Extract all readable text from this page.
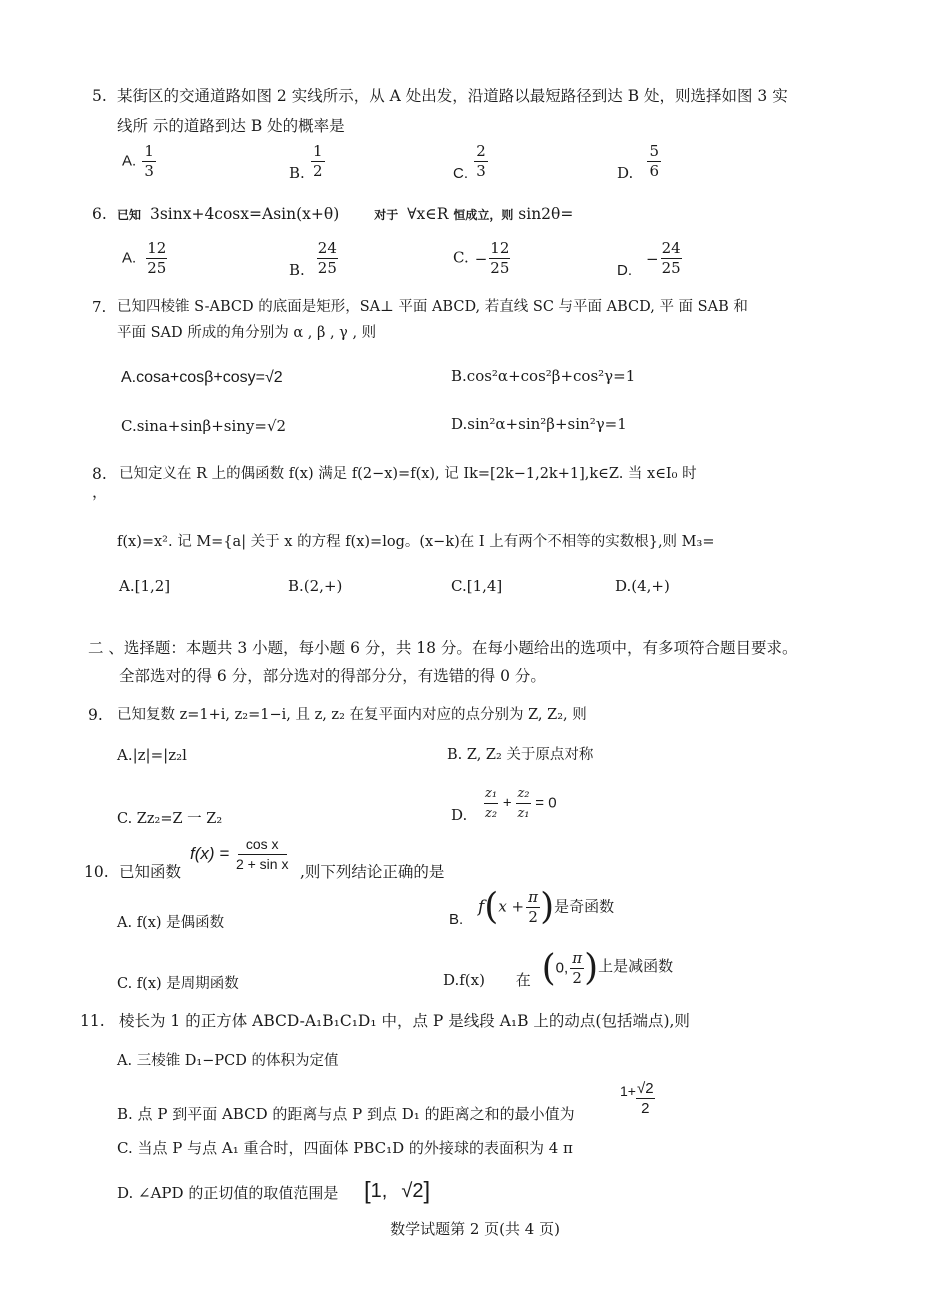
5. 某街区的交通道路如图 2 实线所示，从 A 处出发，沿道路以最短路径到达 B 处，则选择如图 3 实
线所 示的道路到达 B 处的概率是
A. $\frac{1}{3}$	B. $\frac{1}{2}$	C. $\frac{2}{3}$	D. $\frac{5}{6}$
6. 已知 3sinx+4cosx=Asin(x+θ)	对于 ∀x∈R 恒成立，则 sin2θ=
A. $\frac{12}{25}$	B. $\frac{24}{25}$	C. − $\frac{12}{25}$	$D.- \frac{24}{25}$
7. 已知四棱锥 S-ABCD 的底面是矩形，SA⊥ 平面 ABCD, 若直线 SC 与平面 ABCD, 平 面 SAB 和
平面 SAD 所成的角分别为 α , β , γ , 则
A.cosa+cosβ+cosy=√2	B.cos²α+cos²β+cos²γ=1
C.sina+sinβ+siny=√2	D.sin²α+sin²β+sin²γ=1
8. 已知定义在 R 上的偶函数 f(x) 满足 f(2−x)=f(x), 记 Ik=[2k−1,2k+1],k∈Z. 当 x∈I₀ 时
，
f(x)=x². 记 M={a| 关于 x 的方程 f(x)=log。(x−k)在 I 上有两个不相等的实数根},则 M₃=
A.[1,2]	B.(2,+)	C.[1,4]	D.(4,+)
二 、选择题：本题共 3 小题，每小题 6 分，共 18 分。在每小题给出的选项中，有多项符合题目要求。
全部选对的得 6 分，部分选对的得部分分，有选错的得 0 分。
9. 已知复数 z=1+i, z₂=1−i, 且 z, z₂ 在复平面内对应的点分别为 Z, Z₂, 则
A.|z|=|z₂l	B. Z, Z₂ 关于原点对称
C. Zz₂=Z 一 Z₂	D. $\frac{\text{z₁}}{\text{z₂}} + \frac{\text{z₂}}{\text{z₁}} = 0$
10. 已知函数
$f(x) = \frac{\text{cos x}}{\text{2 + sin x}}$ ,则下列结论正确的是
A. f(x) 是偶函数	B. $f(x + \frac{\pi}{2}$ )是奇函数
C. f(x) 是周期函数	D.f(x) 在 (0, $\frac{\pi}{2}$ )上是减函数
11. 棱长为 1 的正方体 ABCD-A₁B₁C₁D₁ 中，点 P 是线段 A₁B 上的动点(包括端点),则
A. 三棱锥 D₁−PCD 的体积为定值
B. 点 P 到平面 ABCD 的距离与点 P 到点 D₁ 的距离之和的最小值为
$1+ \frac{√2}{2}$
C. 当点 P 与点 A₁ 重合时，四面体 PBC₁D 的外接球的表面积为 4 π
D. ∠APD 的正切值的取值范围是 [1, √2]
数学试题第 2 页(共 4 页)
